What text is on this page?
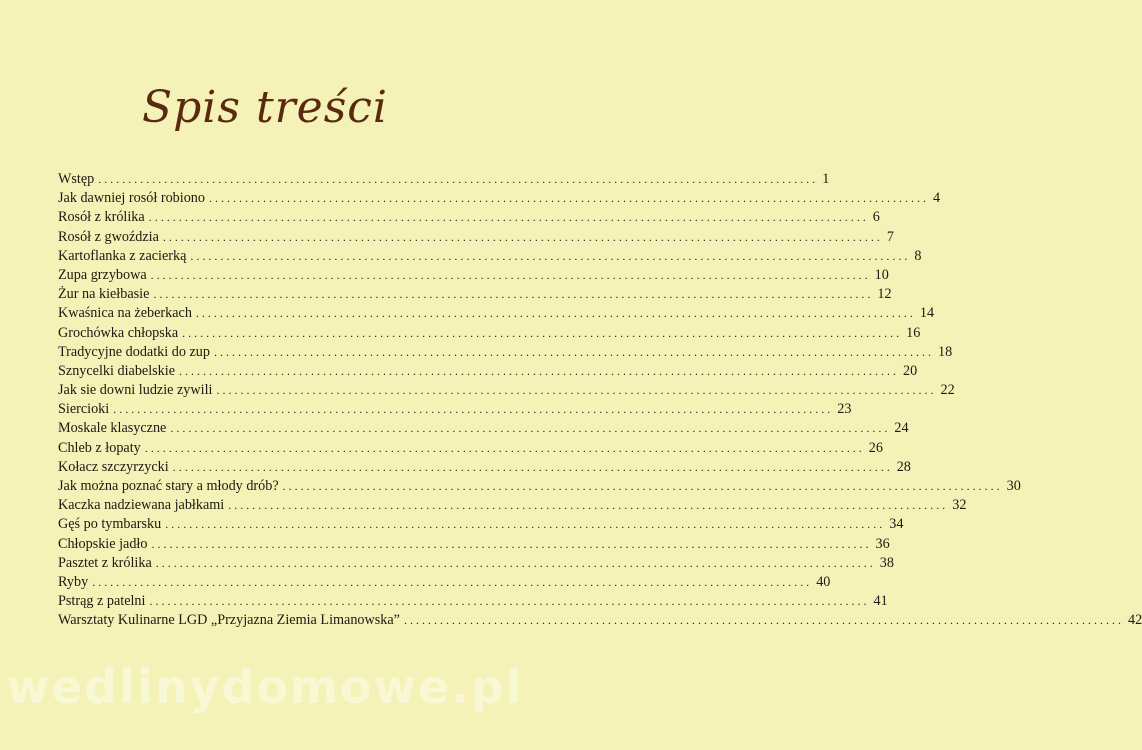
Spis treści
Wstęp ........................................................................................................................ 1
Jak dawniej rosół robiono ........................................................................................................................ 4
Rosół z królika ........................................................................................................................ 6
Rosół z gwoździa ........................................................................................................................ 7
Kartoflanka z zacierką ........................................................................................................................ 8
Zupa grzybowa ........................................................................................................................ 10
Żur na kiełbasie ........................................................................................................................ 12
Kwaśnica na żeberkach ........................................................................................................................ 14
Grochówka chłopska ........................................................................................................................ 16
Tradycyjne dodatki do zup ........................................................................................................................ 18
Sznycelki diabelskie ........................................................................................................................ 20
Jak sie downi ludzie zywili ........................................................................................................................ 22
Siercioki ........................................................................................................................ 23
Moskale klasyczne ........................................................................................................................ 24
Chleb z łopaty ........................................................................................................................ 26
Kołacz szczyrzycki ........................................................................................................................ 28
Jak można poznać stary a młody drób? ........................................................................................................................ 30
Kaczka nadziewana jabłkami ........................................................................................................................ 32
Gęś po tymbarsku ........................................................................................................................ 34
Chłopskie jadło ........................................................................................................................ 36
Pasztet z królika ........................................................................................................................ 38
Ryby ........................................................................................................................ 40
Pstrąg z patelni ........................................................................................................................ 41
Warsztaty Kulinarne LGD „Przyjazna Ziemia Limanowska” ........................................................................................................................ 42
wedlinydomowe.pl
